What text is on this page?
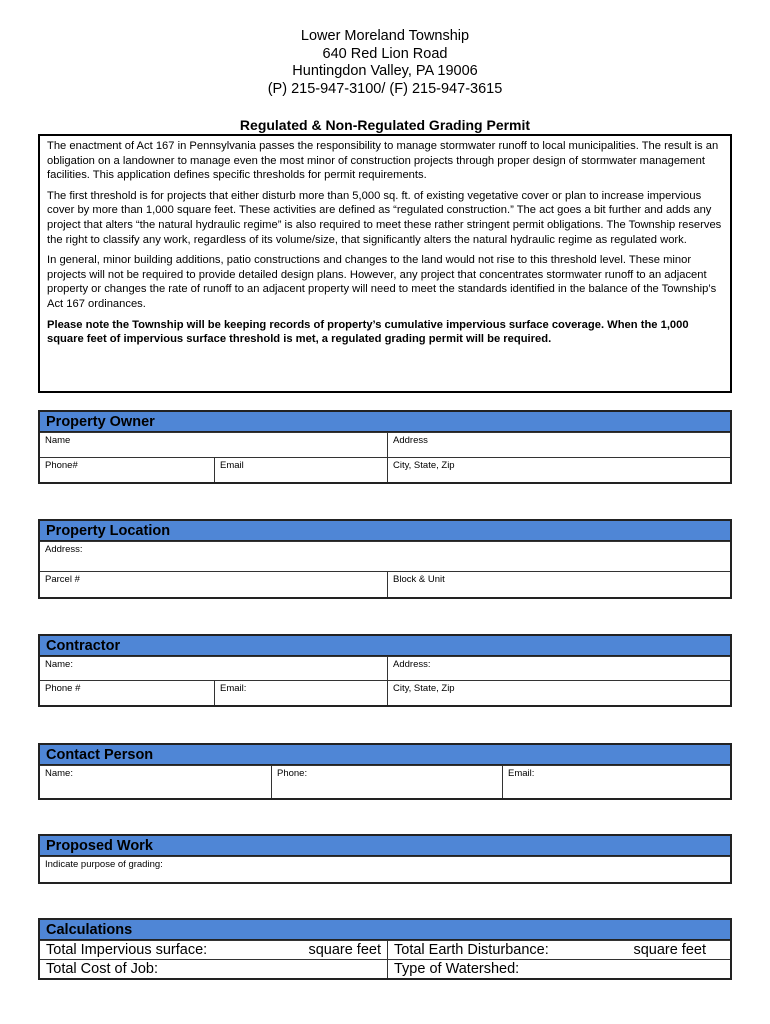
Lower Moreland Township
640 Red Lion Road
Huntingdon Valley, PA 19006
(P) 215-947-3100/ (F) 215-947-3615
Regulated & Non-Regulated Grading Permit

The enactment of Act 167 in Pennsylvania passes the responsibility to manage stormwater runoff to local municipalities. The result is an obligation on a landowner to manage even the most minor of construction projects through proper design of stormwater management facilities. This application defines specific thresholds for permit requirements.

The first threshold is for projects that either disturb more than 5,000 sq. ft. of existing vegetative cover or plan to increase impervious cover by more than 1,000 square feet. These activities are defined as “regulated construction.” The act goes a bit further and adds any project that alters “the natural hydraulic regime” is also required to meet these rather stringent permit obligations. The Township reserves the right to classify any work, regardless of its volume/size, that significantly alters the natural hydraulic regime as regulated work.

In general, minor building additions, patio constructions and changes to the land would not rise to this threshold level. These minor projects will not be required to provide detailed design plans. However, any project that concentrates stormwater runoff to an adjacent property or changes the rate of runoff to an adjacent property will need to meet the standards identified in the balance of the Township’s Act 167 ordinances.

Please note the Township will be keeping records of property’s cumulative impervious surface coverage. When the 1,000 square feet of impervious surface threshold is met, a regulated grading permit will be required.

Property Owner
Name	Address
Phone#	Email	City, State, Zip
Property Location
Address:
Parcel #	Block & Unit
Contractor
Name:	Address:
Phone #	Email:	City, State, Zip
Contact Person
Name:	Phone:	Email:
Proposed Work
Indicate purpose of grading:
Calculations
Total Impervious surface:	square feet Total Earth Disturbance:	square feet
Total Cost of Job:	Type of Watershed:
